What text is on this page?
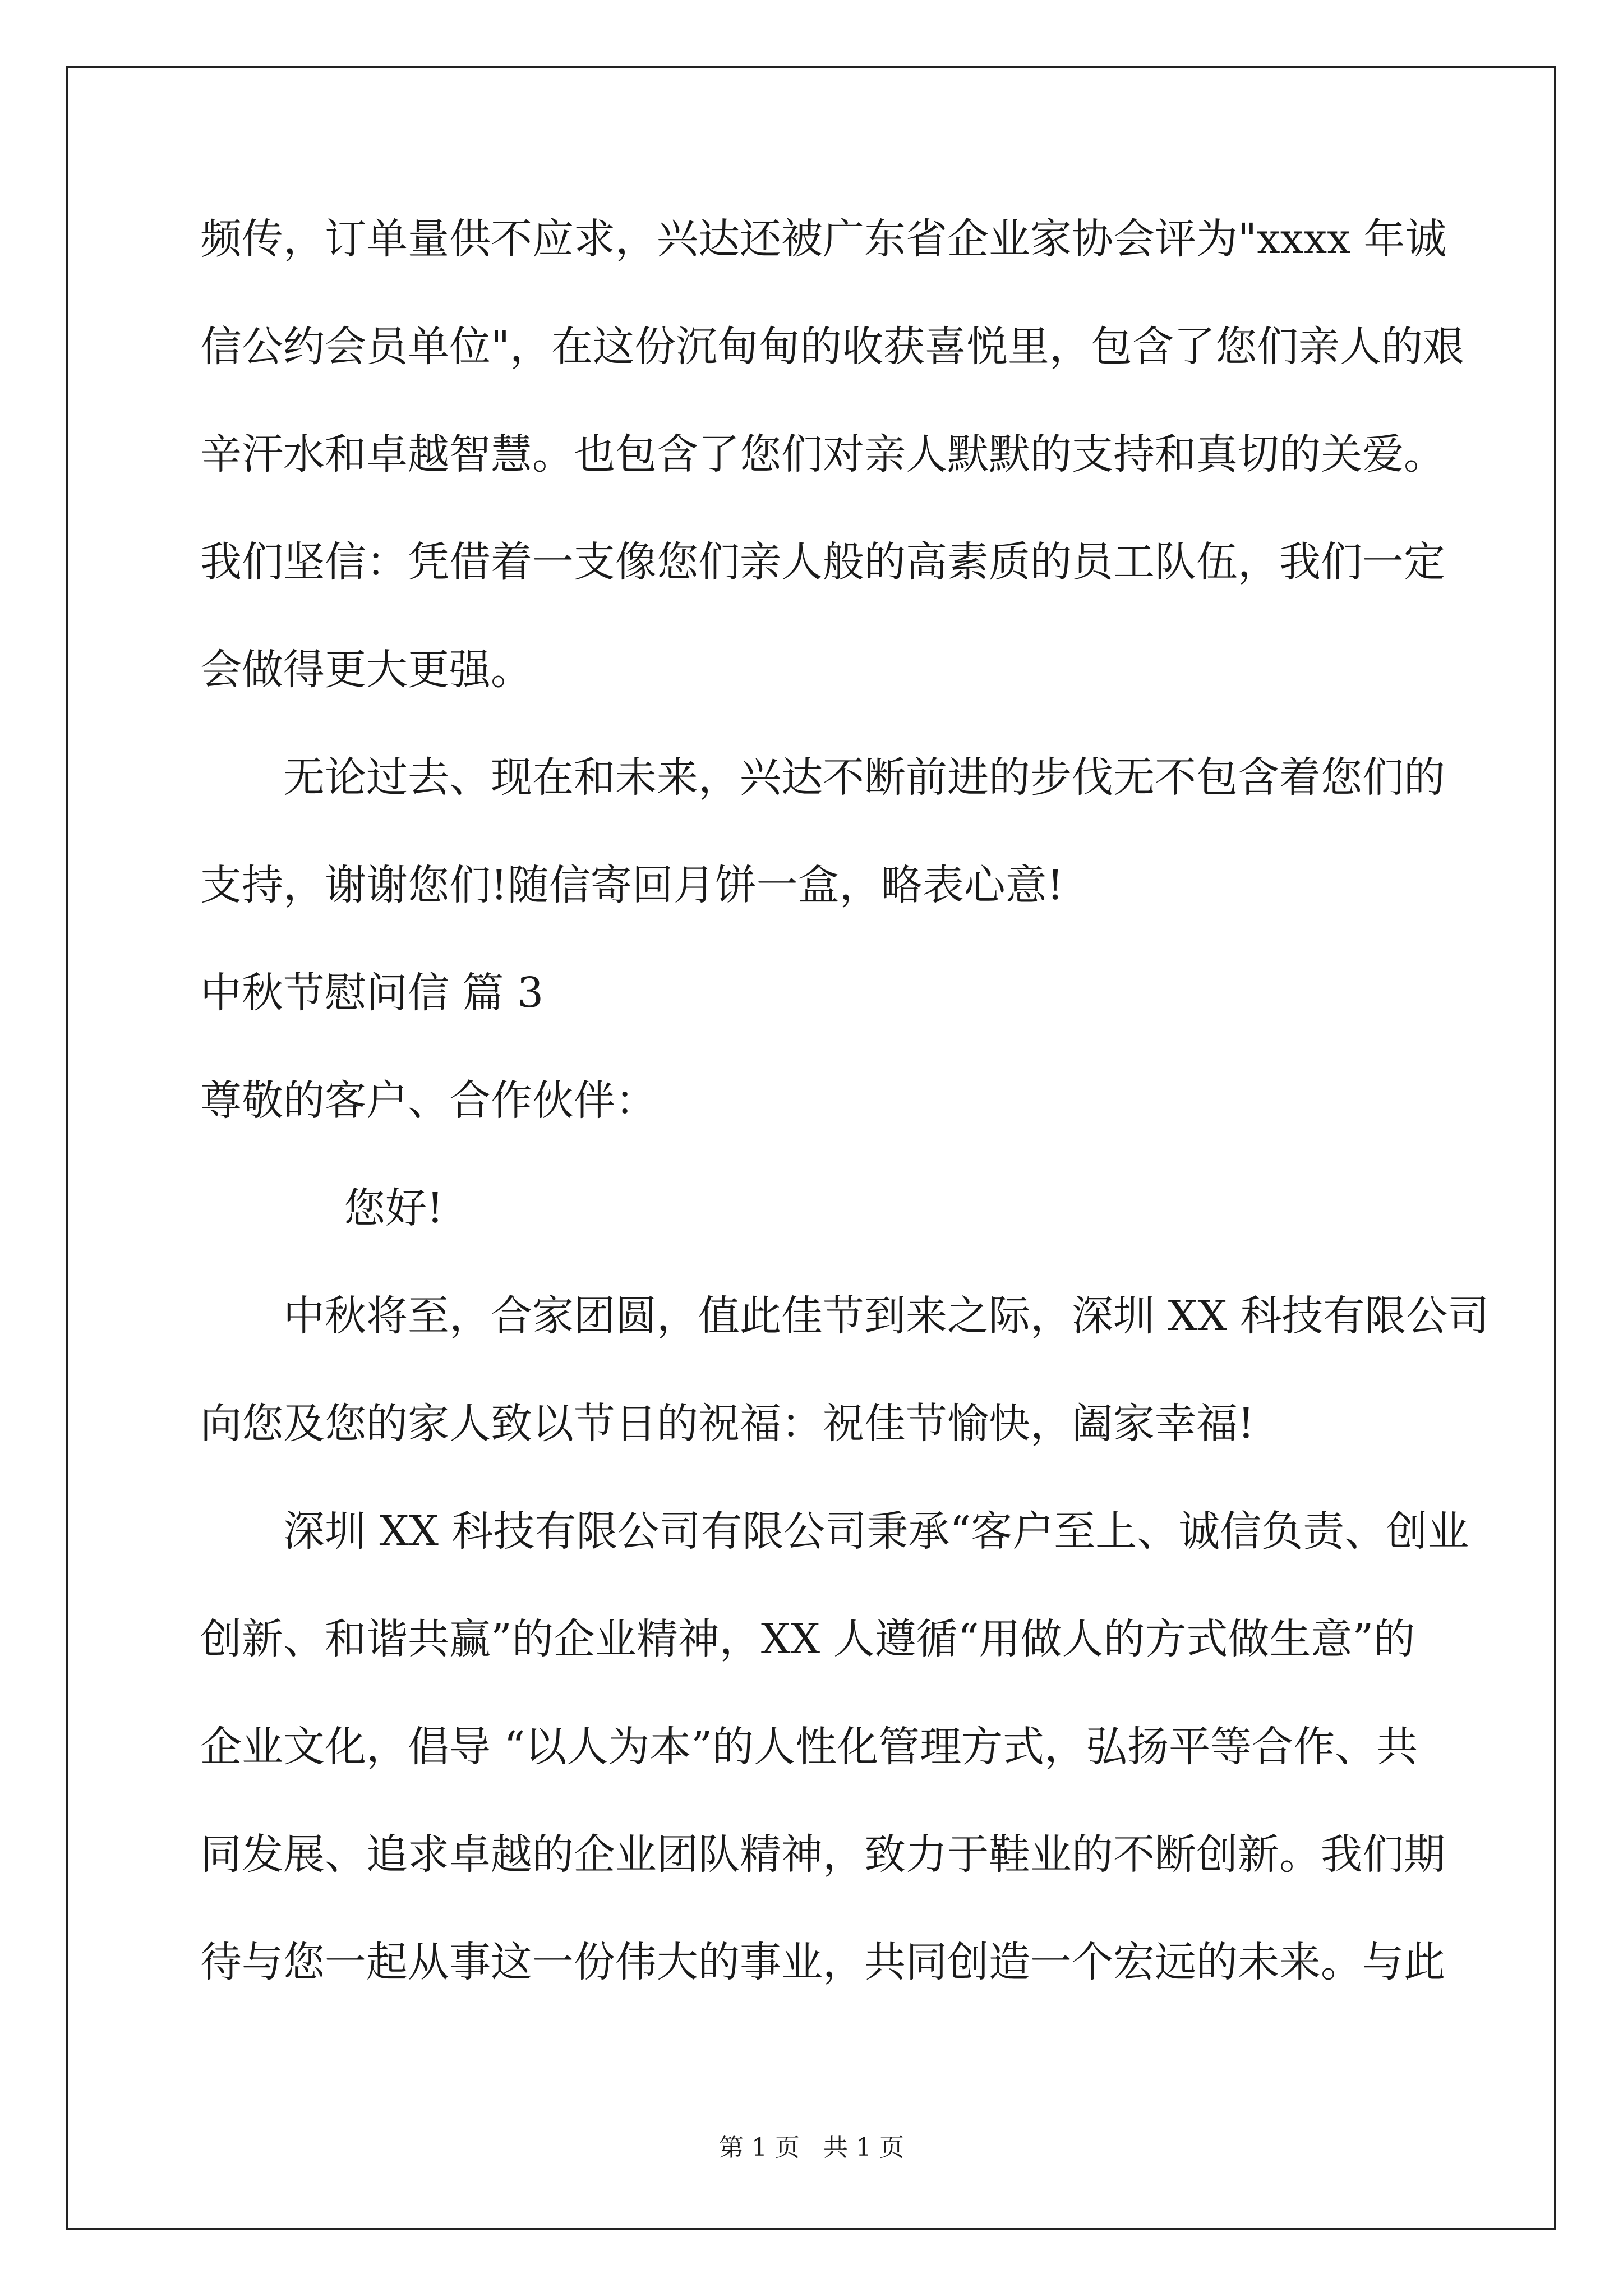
频传，订单量供不应求，兴达还被广东省企业家协会评为"xxxx 年诚
信公约会员单位"，在这份沉甸甸的收获喜悦里，包含了您们亲人的艰
辛汗水和卓越智慧。也包含了您们对亲人默默的支持和真切的关爱。
我们坚信：凭借着一支像您们亲人般的高素质的员工队伍，我们一定
会做得更大更强。
无论过去、现在和未来，兴达不断前进的步伐无不包含着您们的
支持，谢谢您们!随信寄回月饼一盒，略表心意!
中秋节慰问信 篇 3
尊敬的客户、合作伙伴：
您好!
中秋将至，合家团圆，值此佳节到来之际，深圳 XX 科技有限公司
向您及您的家人致以节日的祝福：祝佳节愉快，阖家幸福!
深圳 XX 科技有限公司有限公司秉承“客户至上、诚信负责、创业
创新、和谐共赢”的企业精神，XX 人遵循“用做人的方式做生意”的
企业文化，倡导 “以人为本”的人性化管理方式，弘扬平等合作、共
同发展、追求卓越的企业团队精神，致力于鞋业的不断创新。我们期
待与您一起从事这一份伟大的事业，共同创造一个宏远的未来。与此
第 1 页 共 1 页
